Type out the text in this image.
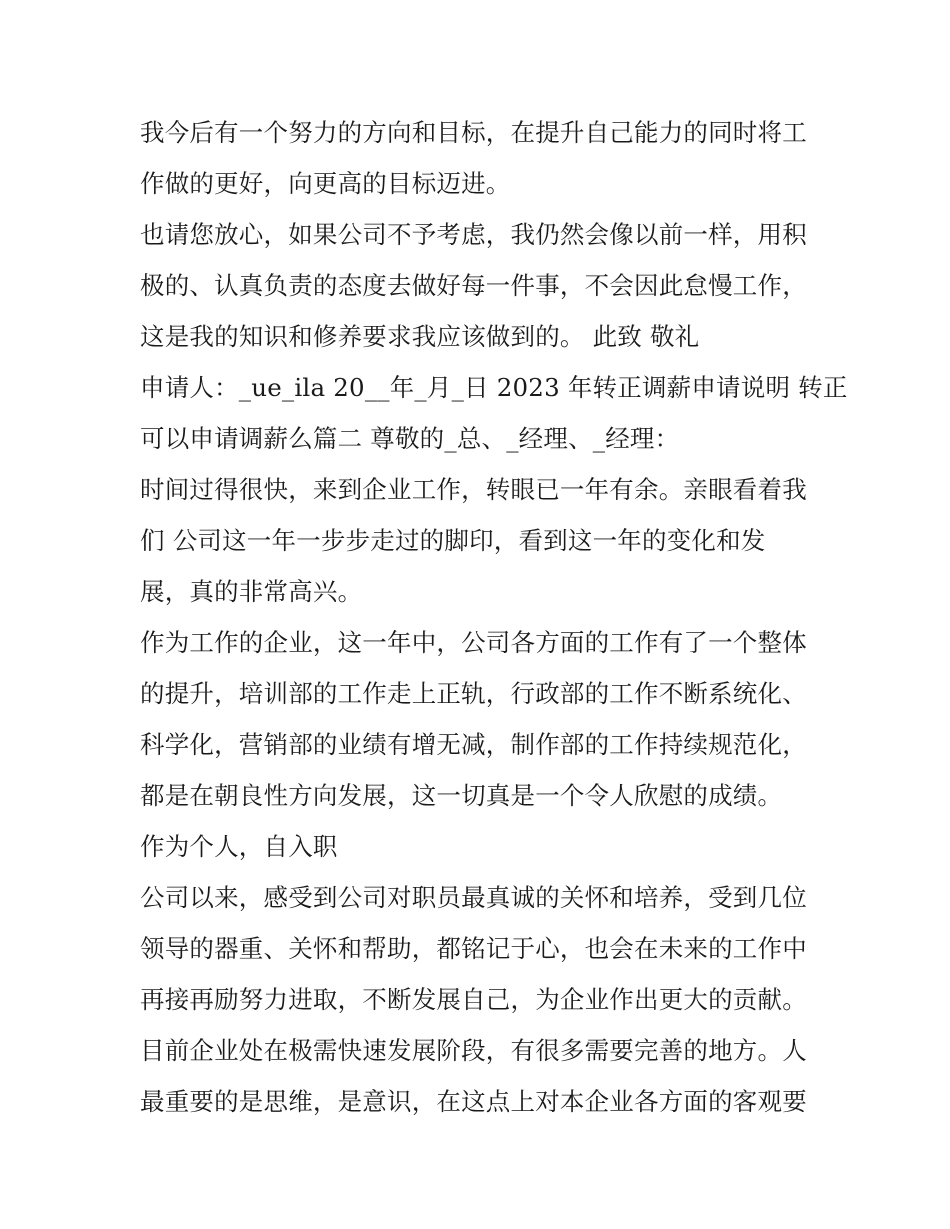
我今后有一个努力的方向和目标，在提升自己能力的同时将工
作做的更好，向更高的目标迈进。
也请您放心，如果公司不予考虑，我仍然会像以前一样，用积
极的、认真负责的态度去做好每一件事，不会因此怠慢工作，
这是我的知识和修养要求我应该做到的。 此致 敬礼
申请人：_ue_ila 20__年_月_日 2023 年转正调薪申请说明 转正
可以申请调薪么篇二 尊敬的_总、_经理、_经理：
时间过得很快，来到企业工作，转眼已一年有余。亲眼看着我
们 公司这一年一步步走过的脚印，看到这一年的变化和发
展，真的非常高兴。
作为工作的企业，这一年中，公司各方面的工作有了一个整体
的提升，培训部的工作走上正轨，行政部的工作不断系统化、
科学化，营销部的业绩有增无减，制作部的工作持续规范化，
都是在朝良性方向发展，这一切真是一个令人欣慰的成绩。
作为个人，自入职
公司以来，感受到公司对职员最真诚的关怀和培养，受到几位
领导的器重、关怀和帮助，都铭记于心，也会在未来的工作中
再接再励努力进取，不断发展自己，为企业作出更大的贡献。
目前企业处在极需快速发展阶段，有很多需要完善的地方。人
最重要的是思维，是意识，在这点上对本企业各方面的客观要
